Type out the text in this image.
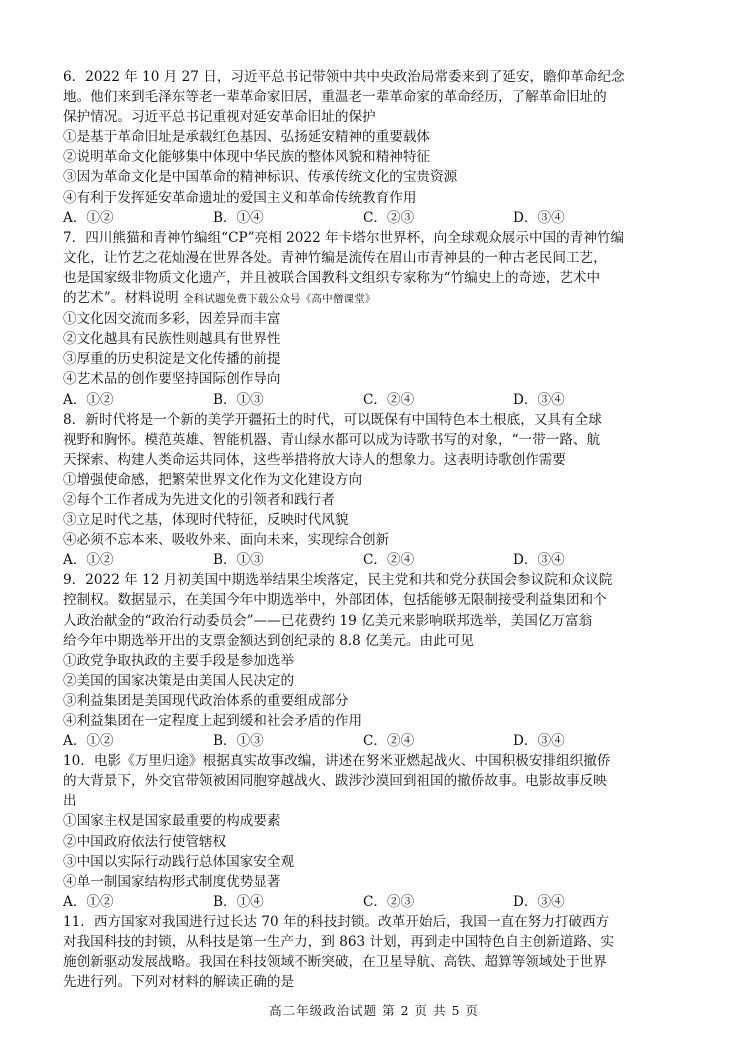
6．2022 年 10 月 27 日，习近平总书记带领中共中央政治局常委来到了延安，瞻仰革命纪念
地。他们来到毛泽东等老一辈革命家旧居，重温老一辈革命家的革命经历，了解革命旧址的
保护情况。习近平总书记重视对延安革命旧址的保护
①是基于革命旧址是承载红色基因、弘扬延安精神的重要载体
②说明革命文化能够集中体现中华民族的整体风貌和精神特征
③因为革命文化是中国革命的精神标识、传承传统文化的宝贵资源
④有利于发挥延安革命遗址的爱国主义和革命传统教育作用
A．①②	B．①④	C．②③	D．③④
7．四川熊猫和青神竹编组“CP”亮相 2022 年卡塔尔世界杯，向全球观众展示中国的青神竹编
文化，让竹艺之花灿漫在世界各处。青神竹编是流传在眉山市青神县的一种古老民间工艺，
也是国家级非物质文化遗产，并且被联合国教科文组织专家称为“竹编史上的奇迹，艺术中
的艺术”。材料说明 全科试题免费下载公众号《高中僧课堂》
①文化因交流而多彩，因差异而丰富
②文化越具有民族性则越具有世界性
③厚重的历史积淀是文化传播的前提
④艺术品的创作要坚持国际创作导向
A．①②	B．①③	C．②④	D．③④
8．新时代将是一个新的美学开疆拓土的时代，可以既保有中国特色本土根底，又具有全球
视野和胸怀。模范英雄、智能机器、青山绿水都可以成为诗歌书写的对象，“一带一路、航
天探索、构建人类命运共同体，这些举措将放大诗人的想象力。这表明诗歌创作需要
①增强使命感，把繁荣世界文化作为文化建设方向
②每个工作者成为先进文化的引领者和践行者
③立足时代之基，体现时代特征，反映时代风貌
④必须不忘本来、吸收外来、面向未来，实现综合创新
A．①②	B．①③	C．②④	D．③④
9．2022 年 12 月初美国中期选举结果尘埃落定，民主党和共和党分获国会参议院和众议院
控制权。数据显示，在美国今年中期选举中，外部团体，包括能够无限制接受利益集团和个
人政治献金的“政治行动委员会”——已花费约 19 亿美元来影响联邦选举，美国亿万富翁
给今年中期选举开出的支票金额达到创纪录的 8.8 亿美元。由此可见
①政党争取执政的主要手段是参加选举
②美国的国家决策是由美国人民决定的
③利益集团是美国现代政治体系的重要组成部分
④利益集团在一定程度上起到缓和社会矛盾的作用
A．①②	B．①③	C．②④	D．③④
10．电影《万里归途》根据真实故事改编，讲述在努米亚燃起战火、中国积极安排组织撤侨
的大背景下，外交官带领被困同胞穿越战火、跋涉沙漠回到祖国的撤侨故事。电影故事反映
出
①国家主权是国家最重要的构成要素
②中国政府依法行使管辖权
③中国以实际行动践行总体国家安全观
④单一制国家结构形式制度优势显著
A．①②	B．①④	C．②③	D．③④
11．西方国家对我国进行过长达 70 年的科技封锁。改革开始后，我国一直在努力打破西方
对我国科技的封锁，从科技是第一生产力，到 863 计划，再到走中国特色自主创新道路、实
施创新驱动发展战略。我国在科技领域不断突破，在卫星导航、高铁、超算等领域处于世界
先进行列。下列对材料的解读正确的是
高二年级政治试题 第 2 页 共 5 页
